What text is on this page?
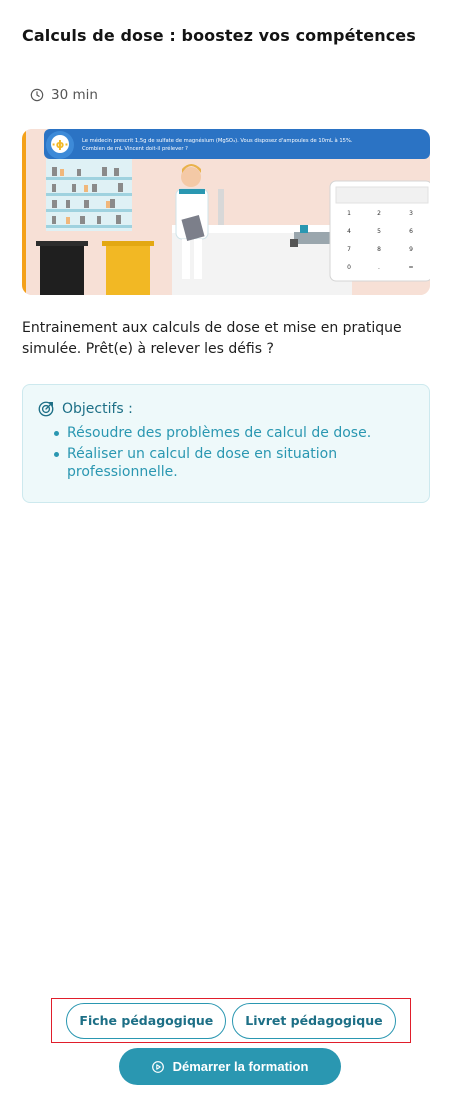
Calculs de dose : boostez vos compétences
30 min
1	2	3
4	5	6
7	8	9
0	.	=
·ϕ·	Le médecin prescrit 1,5g de sulfate de magnésium (MgSO₄). Vous disposez d'ampoules de 10mL à 15%.
Combien de mL Vincent doit-il prélever ?
Entrainement aux calculs de dose et mise en pratique simulée. Prêt(e) à relever les défis ?
Objectifs :
Résoudre des problèmes de calcul de dose.
Réaliser un calcul de dose en situation professionnelle.
Fiche pédagogique	Livret pédagogique
Démarrer la formation
